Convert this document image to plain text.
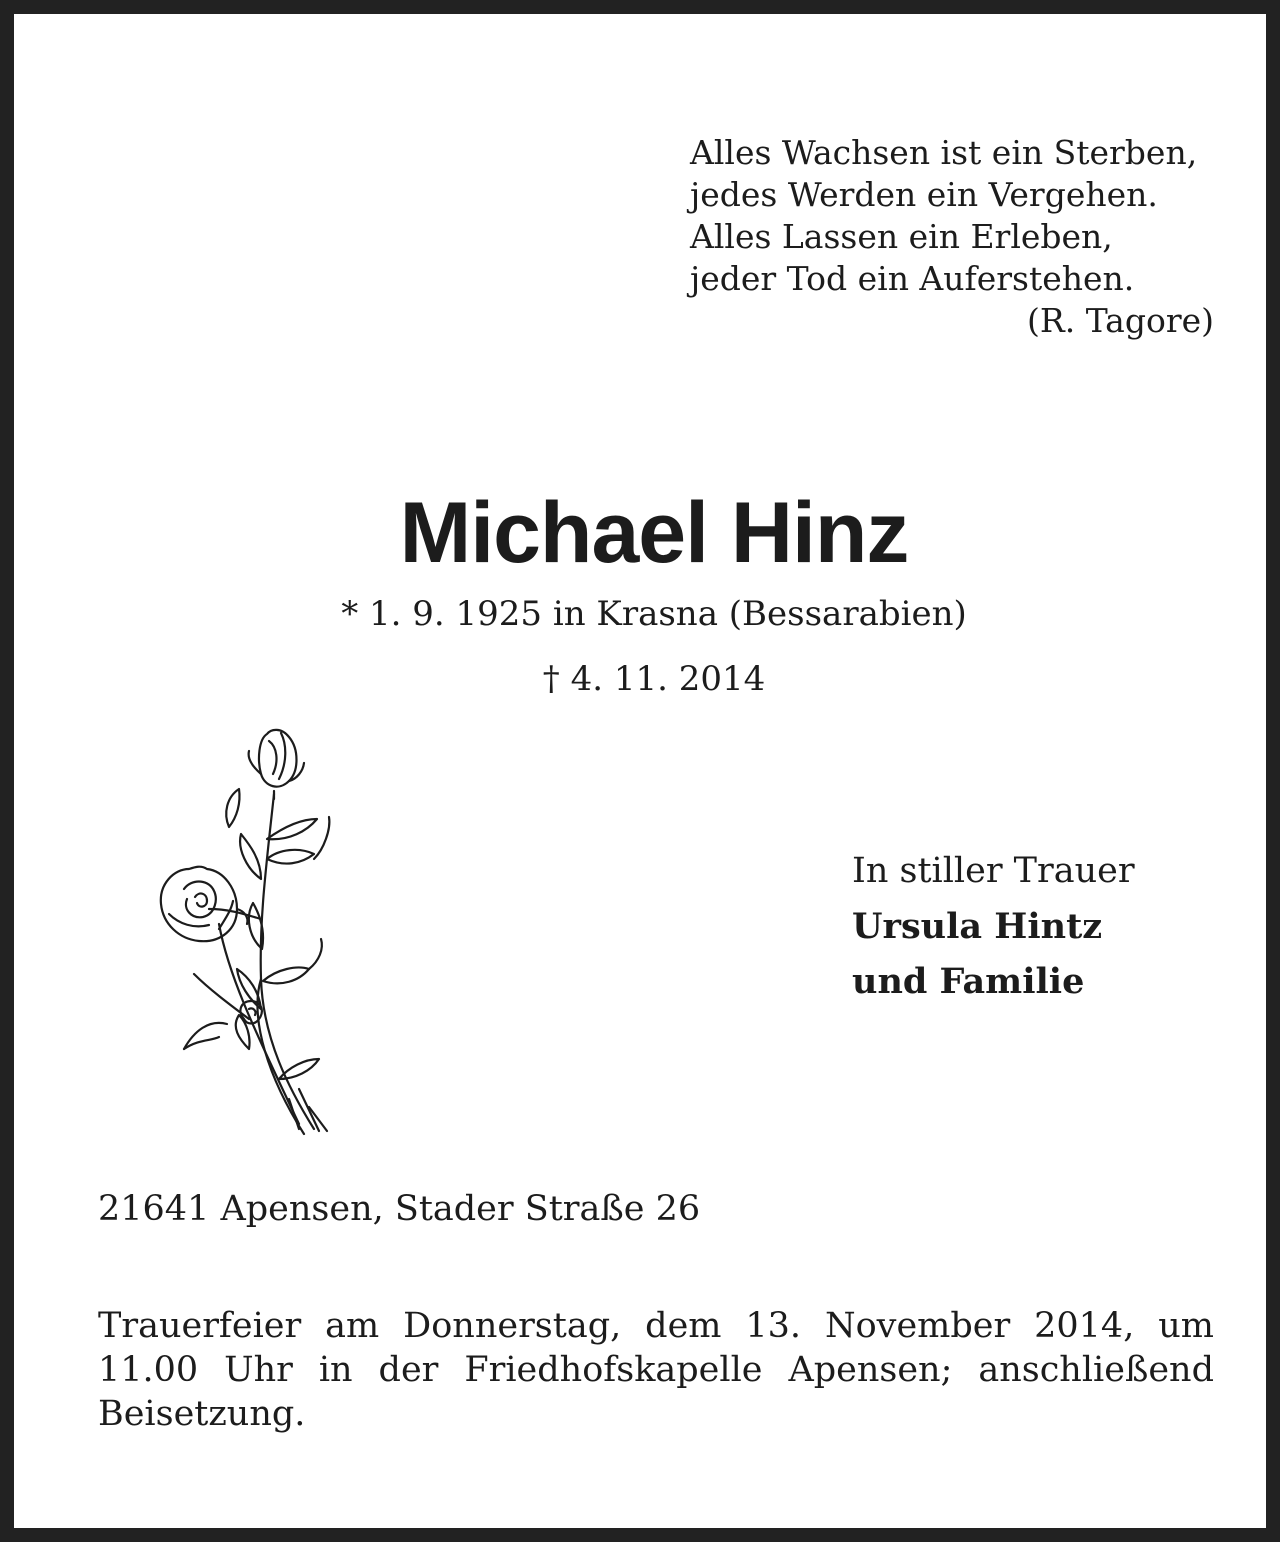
Alles Wachsen ist ein Sterben,
jedes Werden ein Vergehen.
Alles Lassen ein Erleben,
jeder Tod ein Auferstehen.
(R. Tagore)
Michael Hinz
* 1. 9. 1925 in Krasna (Bessarabien)
† 4. 11. 2014
In stiller Trauer
Ursula Hintz
und Familie
21641 Apensen, Stader Straße 26
Trauerfeier am Donnerstag, dem 13. November 2014, um 11.00 Uhr in der Friedhofskapelle Apensen; anschließend Beisetzung.
